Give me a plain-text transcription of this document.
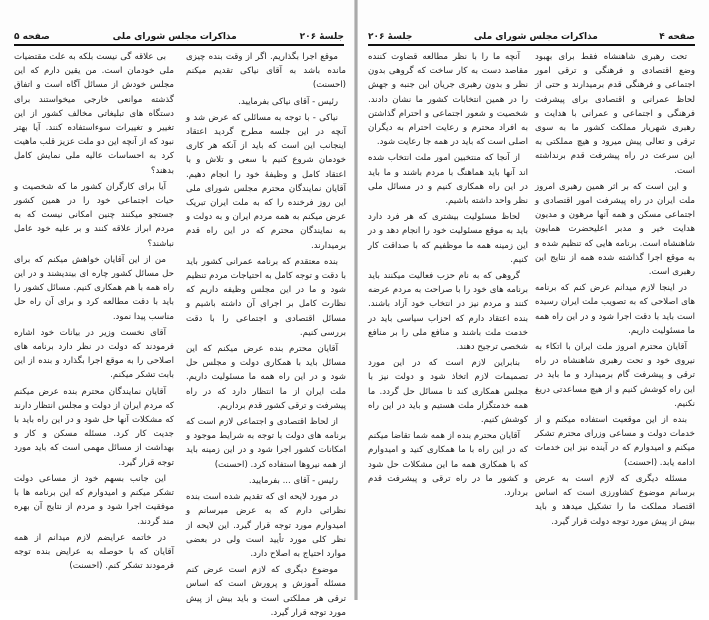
جلسهٔ ۲۰۶
مذاکرات مجلس شورای ملی
صفحه ۵

موقع اجرا بگذاریم. اگر از وقت بنده چیزی مانده باشد به آقای نیاکی تقدیم میکنم (احسنت)

رئیس - آقای نیاکی بفرمایید.

نیاکی - با توجه به مسائلی که عرض شد و آنچه در این جلسه مطرح گردید اعتقاد اینجانب این است که باید از آنکه هر کاری خودمان شروع کنیم با سعی و تلاش و با اعتقاد کامل و وظیفهٔ خود را انجام دهیم. آقایان نمایندگان محترم مجلس شورای ملی این روز فرخنده را که به ملت ایران تبریک عرض میکنم به همه مردم ایران و به دولت و به نمایندگان محترم که در این راه قدم برمیدارند.

بنده معتقدم که برنامه عمرانی کشور باید با دقت و توجه کامل به احتیاجات مردم تنظیم شود و ما در این مجلس وظیفه داریم که نظارت کامل بر اجرای آن داشته باشیم و مسائل اقتصادی و اجتماعی را با دقت بررسی کنیم.

آقایان محترم بنده عرض میکنم که این مسائل باید با همکاری دولت و مجلس حل شود و در این راه همه ما مسئولیت داریم. ملت ایران از ما انتظار دارد که در راه پیشرفت و ترقی کشور قدم برداریم.

از لحاظ اقتصادی و اجتماعی لازم است که برنامه های دولت با توجه به شرایط موجود و امکانات کشور اجرا شود و در این زمینه باید از همه نیروها استفاده کرد. (احسنت)

رئیس - آقای ... بفرمایید.

در مورد لایحه ای که تقدیم شده است بنده نظراتی دارم که به عرض میرسانم و امیدوارم مورد توجه قرار گیرد. این لایحه از نظر کلی مورد تأیید است ولی در بعضی موارد احتیاج به اصلاح دارد.

موضوع دیگری که لازم است عرض کنم مسئله آموزش و پرورش است که اساس ترقی هر مملکتی است و باید بیش از پیش مورد توجه قرار گیرد.

بی علاقه گی نیست بلکه به علت مقتضیات ملی خودمان است. من یقین دارم که این مجلس خودش از مسائل آگاه است و اتفاق گذشته موانعی خارجی میخواستند برای دستگاه های تبلیغاتی مخالف کشور از این تغییر و تغییرات سوءاستفاده کنند. آیا بهتر نبود که از آنچه این دو ملت عزیز قلب ماهیت کرد به احساسات عالیه ملی نمایش کامل بدهند؟

آیا برای کارگران کشور ما که شخصیت و حیات اجتماعی خود را در همین کشور جستجو میکنند چنین امکانی نیست که به مردم ابراز علاقه کنند و بر علیه خود عامل نباشند؟

من از این آقایان خواهش میکنم که برای حل مسائل کشور چاره ای بیندیشند و در این راه همه با هم همکاری کنیم. مسائل کشور را باید با دقت مطالعه کرد و برای آن راه حل مناسب پیدا نمود.

آقای نخست وزیر در بیانات خود اشاره فرمودند که دولت در نظر دارد برنامه های اصلاحی را به موقع اجرا بگذارد و بنده از این بابت تشکر میکنم.

آقایان نمایندگان محترم بنده عرض میکنم که مردم ایران از دولت و مجلس انتظار دارند که مشکلات آنها حل شود و در این راه باید با جدیت کار کرد. مسئله مسکن و کار و بهداشت از مسائل مهمی است که باید مورد توجه قرار گیرد.

این جانب بسهم خود از مساعی دولت تشکر میکنم و امیدوارم که این برنامه ها با موفقیت اجرا شود و مردم از نتایج آن بهره مند گردند.

در خاتمه عرایضم لازم میدانم از همه آقایان که با حوصله به عرایض بنده توجه فرمودند تشکر کنم. (احسنت)

صفحه ۴
مذاکرات مجلس شورای ملی
جلسهٔ ۲۰۶

تحت رهبری شاهنشاه فقط برای بهبود وضع اقتصادی و فرهنگی و ترقی امور اجتماعی و فرهنگی قدم برمیدارند و حتی از لحاظ عمرانی و اقتصادی برای پیشرفت فرهنگی و اجتماعی و عمرانی با هدایت و رهبری شهریار مملکت کشور ما به سوی ترقی و تعالی پیش میرود و هیچ مملکتی به این سرعت در راه پیشرفت قدم برنداشته است.

و این است که بر اثر همین رهبری امروز ملت ایران در راه پیشرفت امور اقتصادی و اجتماعی مسکن و همه آنها مرهون و مدیون هدایت خیر و مدبر اعلیحضرت همایون شاهنشاه است. برنامه هایی که تنظیم شده و به موقع اجرا گذاشته شده همه از نتایج این رهبری است.

در اینجا لازم میدانم عرض کنم که برنامه های اصلاحی که به تصویب ملت ایران رسیده است باید با دقت اجرا شود و در این راه همه ما مسئولیت داریم.

آقایان محترم امروز ملت ایران با اتکاء به نیروی خود و تحت رهبری شاهنشاه در راه ترقی و پیشرفت گام برمیدارد و ما باید در این راه کوشش کنیم و از هیچ مساعدتی دریغ نکنیم.

بنده از این موقعیت استفاده میکنم و از خدمات دولت و مساعی وزرای محترم تشکر میکنم و امیدوارم که در آینده نیز این خدمات ادامه یابد. (احسنت)

مسئله دیگری که لازم است به عرض برسانم موضوع کشاورزی است که اساس اقتصاد مملکت ما را تشکیل میدهد و باید بیش از پیش مورد توجه دولت قرار گیرد.

آنچه ما را با نظر مطالعه قضاوت کننده مقاصد دست به کار ساخت که گروهی بدون نظر و بدون رهبری جریان این جنبه و جهش را در همین انتخابات کشور ما نشان دادند. شخصیت و شعور اجتماعی و احترام گذاشتن به افراد محترم و رعایت احترام به دیگران اصلی است که باید در همه جا رعایت شود.

از آنجا که منتخبین امور ملت انتخاب شده اند آنها باید هماهنگ با مردم باشند و ما باید در این راه همکاری کنیم و در مسائل ملی نظر واحد داشته باشیم.

لحاظ مسئولیت بیشتری که هر فرد دارد باید به موقع مسئولیت خود را انجام دهد و در این زمینه همه ما موظفیم که با صداقت کار کنیم.

گروهی که به نام حزب فعالیت میکنند باید برنامه های خود را با صراحت به مردم عرضه کنند و مردم نیز در انتخاب خود آزاد باشند. بنده اعتقاد دارم که احزاب سیاسی باید در خدمت ملت باشند و منافع ملی را بر منافع شخصی ترجیح دهند.

بنابراین لازم است که در این مورد تصمیمات لازم اتخاذ شود و دولت نیز با مجلس همکاری کند تا مسائل حل گردد. ما همه خدمتگزار ملت هستیم و باید در این راه کوشش کنیم.

آقایان محترم بنده از همه شما تقاضا میکنم که در این راه با ما همکاری کنید و امیدوارم که با همکاری همه ما این مشکلات حل شود و کشور ما در راه ترقی و پیشرفت قدم بردارد.
